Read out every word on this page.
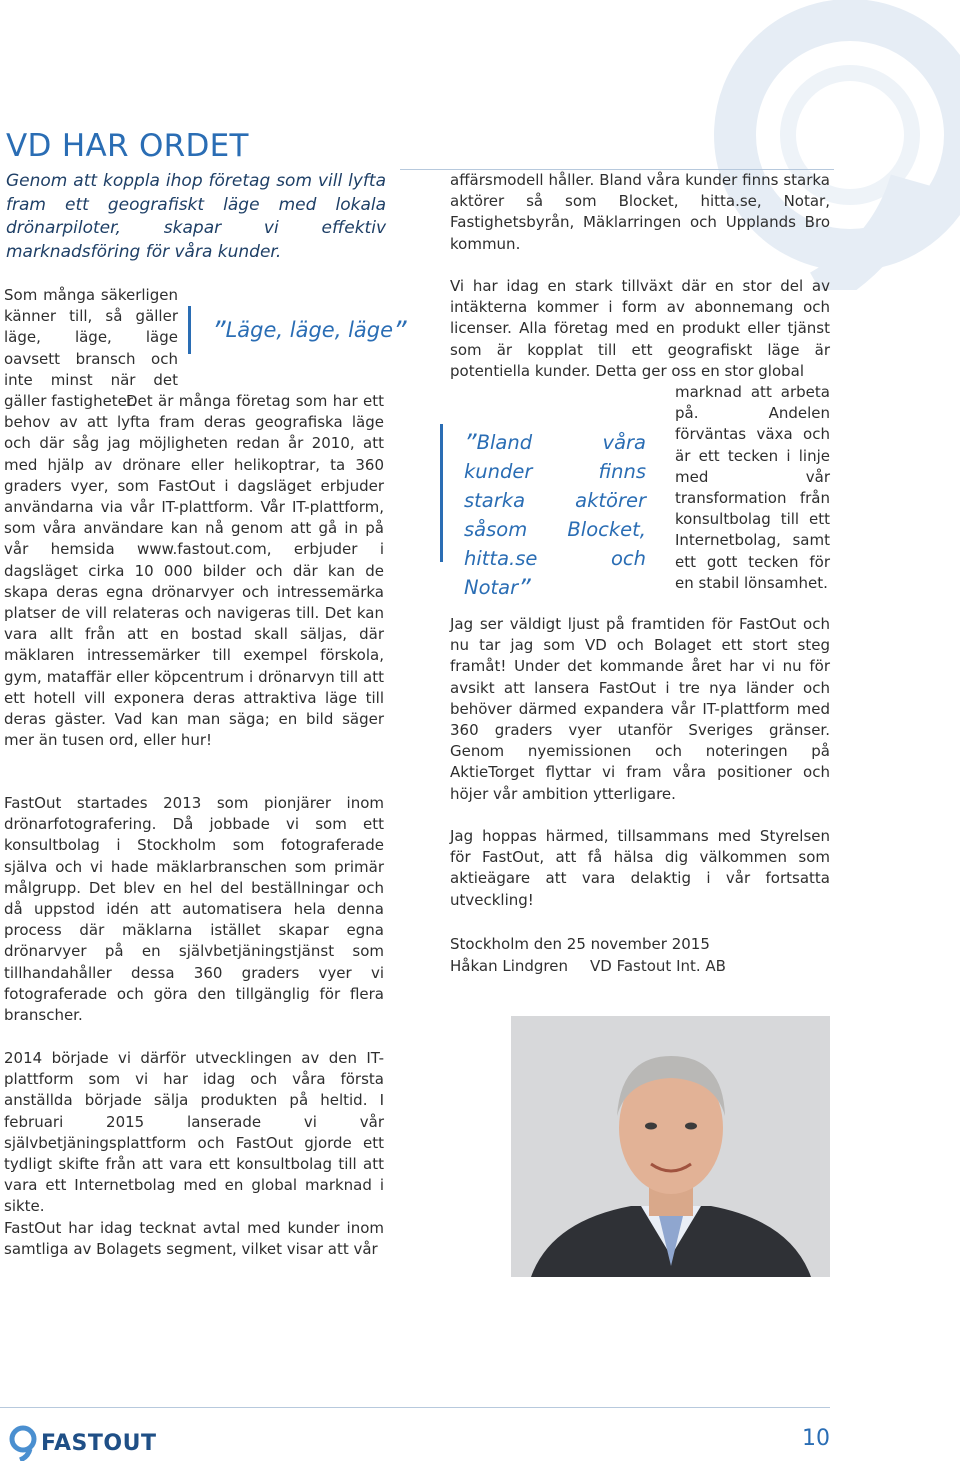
VD HAR ORDET

Genom att koppla ihop företag som vill lyfta fram ett geografiskt läge med lokala drönarpiloter, skapar vi effektiv marknadsföring för våra kunder.

Som många säkerligen känner till, så gäller läge, läge, läge oavsett bransch och inte minst när det gäller fastigheter.

”Läge, läge, läge”

Det är många företag som har ett behov av att lyfta fram deras geografiska läge och där såg jag möjligheten redan år 2010, att med hjälp av drönare eller helikoptrar, ta 360 graders vyer, som FastOut i dagsläget erbjuder användarna via vår IT-plattform. Vår IT-plattform, som våra användare kan nå genom att gå in på vår hemsida www.fastout.com, erbjuder i dagsläget cirka 10 000 bilder och där kan de skapa deras egna drönarvyer och intressemärka platser de vill relateras och navigeras till. Det kan vara allt från att en bostad skall säljas, där mäklaren intressemärker till exempel förskola, gym, mataffär eller köpcentrum i drönarvyn till att ett hotell vill exponera deras attraktiva läge till deras gäster. Vad kan man säga; en bild säger mer än tusen ord, eller hur!

FastOut startades 2013 som pionjärer inom drönarfotografering. Då jobbade vi som ett konsultbolag i Stockholm som fotograferade själva och vi hade mäklarbranschen som primär målgrupp. Det blev en hel del beställningar och då uppstod idén att automatisera hela denna process där mäklarna istället skapar egna drönarvyer på en självbetjäningstjänst som tillhandahåller dessa 360 graders vyer vi fotograferade och göra den tillgänglig för flera branscher.

2014 började vi därför utvecklingen av den IT-plattform som vi har idag och våra första anställda började sälja produkten på heltid. I februari 2015 lanserade vi vår självbetjäningsplattform och FastOut gjorde ett tydligt skifte från att vara ett konsultbolag till att vara ett Internetbolag med en global marknad i sikte.

FastOut har idag tecknat avtal med kunder inom samtliga av Bolagets segment, vilket visar att vår

affärsmodell håller. Bland våra kunder finns starka aktörer så som Blocket, hitta.se, Notar, Fastighetsbyrån, Mäklarringen och Upplands Bro kommun.

Vi har idag en stark tillväxt där en stor del av intäkterna kommer i form av abonnemang och licenser. Alla företag med en produkt eller tjänst som är kopplat till ett geografiskt läge är potentiella kunder. Detta ger oss en stor global

marknad att arbeta på. Andelen förväntas växa och är ett tecken i linje med vår transformation från konsultbolag till ett Internetbolag, samt ett gott tecken för en stabil lönsamhet.

”Bland våra kunder finns starka aktörer såsom Blocket, hitta.se och Notar”

Jag ser väldigt ljust på framtiden för FastOut och nu tar jag som VD och Bolaget ett stort steg framåt! Under det kommande året har vi nu för avsikt att lansera FastOut i tre nya länder och behöver därmed expandera vår IT-plattform med 360 graders vyer utanför Sveriges gränser. Genom nyemissionen och noteringen på AktieTorget flyttar vi fram våra positioner och höjer vår ambition ytterligare.

Jag hoppas härmed, tillsammans med Styrelsen för FastOut, att få hälsa dig välkommen som aktieägare att vara delaktig i vår fortsatta utveckling!

Stockholm den 25 november 2015
Håkan Lindgren VD Fastout Int. AB
FASTOUT	10
